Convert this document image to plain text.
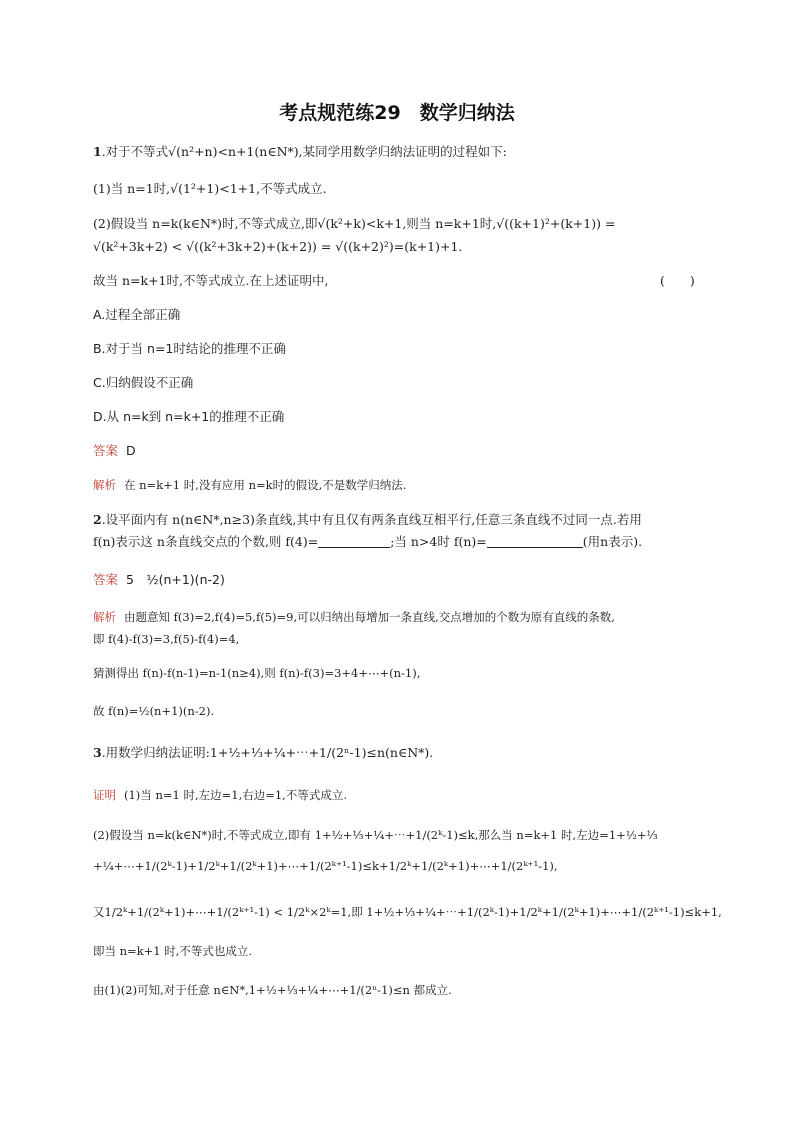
考点规范练29　数学归纳法
1.对于不等式√(n²+n)<n+1(n∈N*),某同学用数学归纳法证明的过程如下:
(1)当 n=1时,√(1²+1)<1+1,不等式成立.
(2)假设当 n=k(k∈N*)时,不等式成立,即√(k²+k)<k+1,则当 n=k+1时,√((k+1)²+(k+1)) =
√(k²+3k+2) < √((k²+3k+2)+(k+2)) = √((k+2)²)=(k+1)+1.
故当 n=k+1时,不等式成立.在上述证明中,	(　　)
A.过程全部正确
B.对于当 n=1时结论的推理不正确
C.归纳假设不正确
D.从 n=k到 n=k+1的推理不正确
答案 D
解析 在 n=k+1 时,没有应用 n=k时的假设,不是数学归纳法.
2.设平面内有 n(n∈N*,n≥3)条直线,其中有且仅有两条直线互相平行,任意三条直线不过同一点.若用
f(n)表示这 n条直线交点的个数,则 f(4)=	;当 n>4时 f(n)=	(用n表示).
答案 5　½(n+1)(n-2)
解析 由题意知 f(3)=2,f(4)=5,f(5)=9,可以归纳出每增加一条直线,交点增加的个数为原有直线的条数,
即 f(4)-f(3)=3,f(5)-f(4)=4,
猜测得出 f(n)-f(n-1)=n-1(n≥4),则 f(n)-f(3)=3+4+⋯+(n-1),
故 f(n)=½(n+1)(n-2).
3.用数学归纳法证明:1+½+⅓+¼+⋯+1/(2ⁿ-1)≤n(n∈N*).
证明 (1)当 n=1 时,左边=1,右边=1,不等式成立.
(2)假设当 n=k(k∈N*)时,不等式成立,即有 1+½+⅓+¼+⋯+1/(2ᵏ-1)≤k,那么当 n=k+1 时,左边=1+½+⅓
+¼+⋯+1/(2ᵏ-1)+1/2ᵏ+1/(2ᵏ+1)+⋯+1/(2ᵏ⁺¹-1)≤k+1/2ᵏ+1/(2ᵏ+1)+⋯+1/(2ᵏ⁺¹-1),
又1/2ᵏ+1/(2ᵏ+1)+⋯+1/(2ᵏ⁺¹-1) < 1/2ᵏ×2ᵏ=1,即 1+½+⅓+¼+⋯+1/(2ᵏ-1)+1/2ᵏ+1/(2ᵏ+1)+⋯+1/(2ᵏ⁺¹-1)≤k+1,
即当 n=k+1 时,不等式也成立.
由(1)(2)可知,对于任意 n∈N*,1+½+⅓+¼+⋯+1/(2ⁿ-1)≤n 都成立.
